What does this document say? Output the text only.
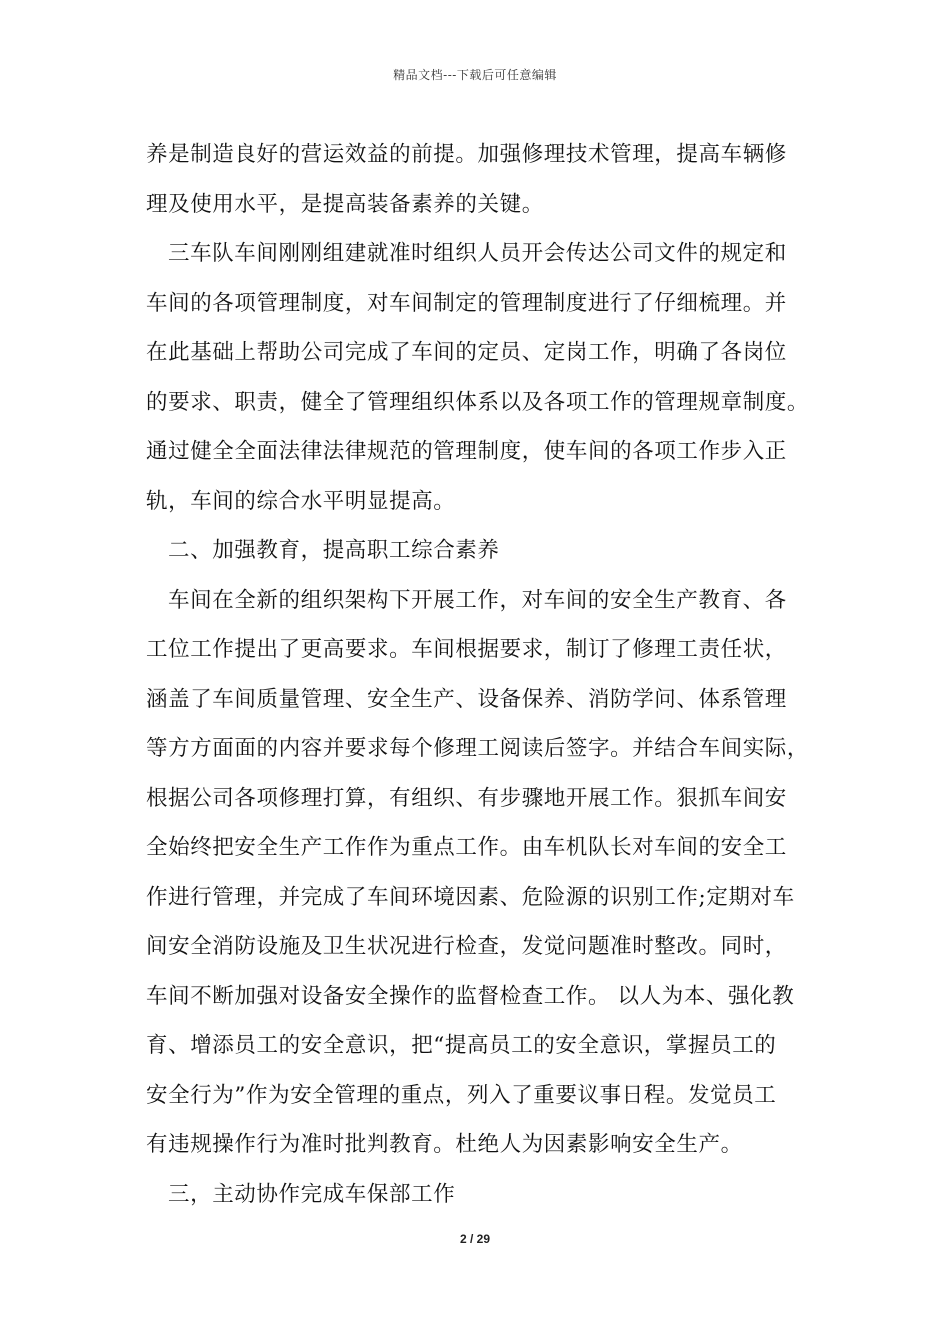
精品文档---下载后可任意编辑
养是制造良好的营运效益的前提。加强修理技术管理，提高车辆修
理及使用水平，是提高装备素养的关键。
三车队车间刚刚组建就准时组织人员开会传达公司文件的规定和
车间的各项管理制度，对车间制定的管理制度进行了仔细梳理。并
在此基础上帮助公司完成了车间的定员、定岗工作，明确了各岗位
的要求、职责，健全了管理组织体系以及各项工作的管理规章制度。
通过健全全面法律法律规范的管理制度，使车间的各项工作步入正
轨，车间的综合水平明显提高。
二、加强教育，提高职工综合素养
车间在全新的组织架构下开展工作，对车间的安全生产教育、各
工位工作提出了更高要求。车间根据要求，制订了修理工责任状，
涵盖了车间质量管理、安全生产、设备保养、消防学问、体系管理
等方方面面的内容并要求每个修理工阅读后签字。并结合车间实际，
根据公司各项修理打算，有组织、有步骤地开展工作。狠抓车间安
全始终把安全生产工作作为重点工作。由车机队长对车间的安全工
作进行管理，并完成了车间环境因素、危险源的识别工作;定期对车
间安全消防设施及卫生状况进行检查，发觉问题准时整改。同时，
车间不断加强对设备安全操作的监督检查工作。 以人为本、强化教
育、增添员工的安全意识，把“提高员工的安全意识，掌握员工的
安全行为”作为安全管理的重点，列入了重要议事日程。发觉员工
有违规操作行为准时批判教育。杜绝人为因素影响安全生产。
三，主动协作完成车保部工作
2 / 29
